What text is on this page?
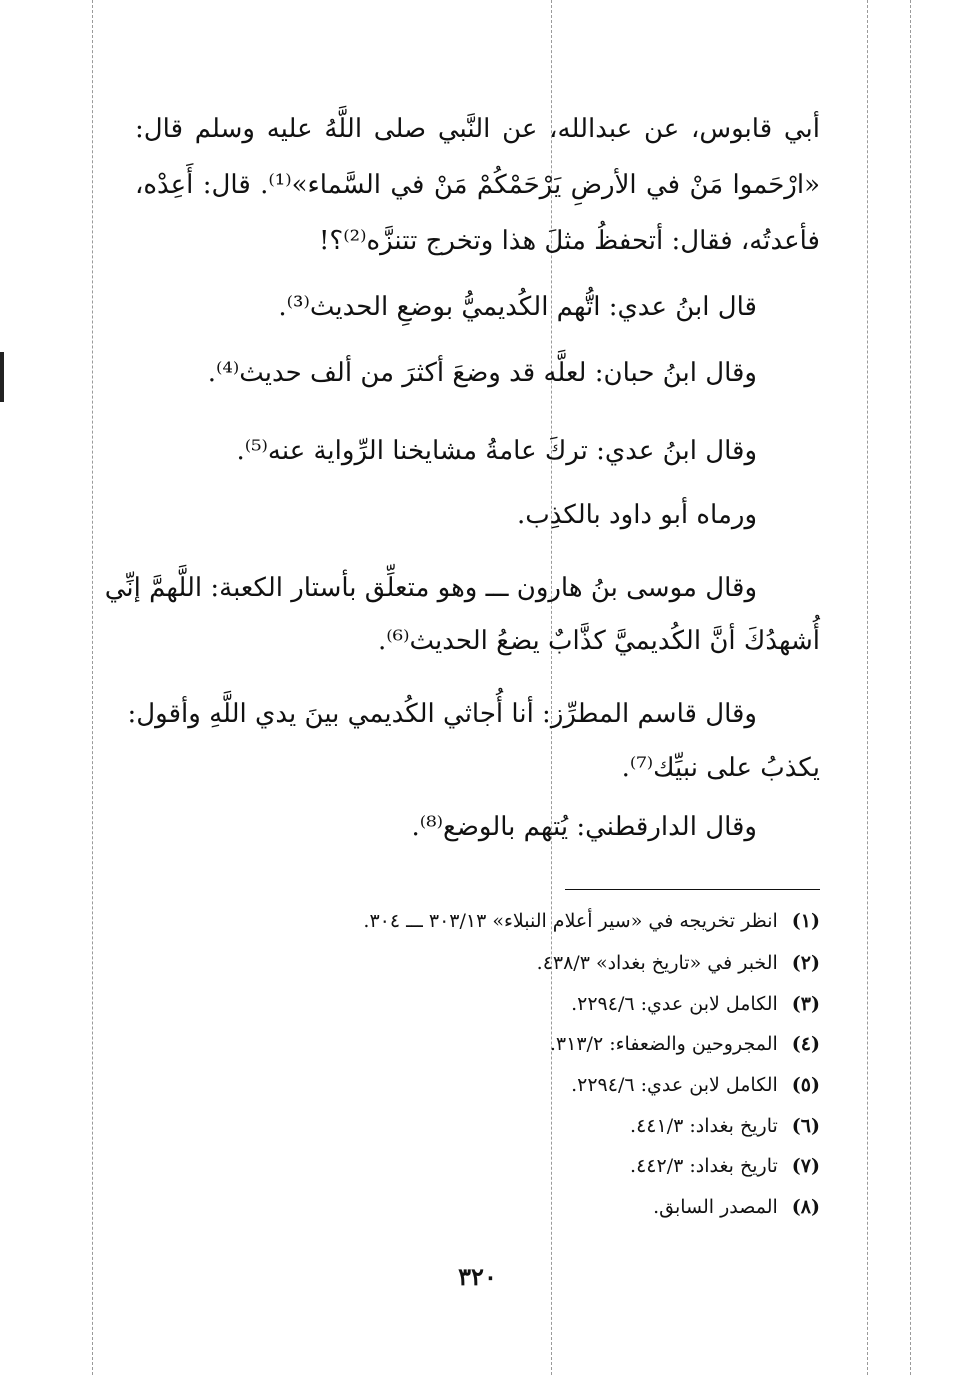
أبي قابوس، عن عبدالله، عن النَّبي صلى اللَّهُ عليه وسلم قال:
«ارْحَموا مَنْ في الأرضِ يَرْحَمْكُمْ مَنْ في السَّماء»⁽¹⁾. قال: أَعِدْه،
فأعدتُه، فقال: أتحفظُ مثلَ هذا وتخرج تتنزَّه⁽²⁾؟!
قال ابنُ عدي: اتُّهم الكُديميُّ بوضعِ الحديث⁽³⁾.
وقال ابنُ حبان: لعلَّه قد وضعَ أكثرَ من ألف حديث⁽⁴⁾.
وقال ابنُ عدي: تركَ عامةُ مشايخنا الرِّواية عنه⁽⁵⁾.
ورماه أبو داود بالكذِب.
وقال موسى بنُ هارون ـــ وهو متعلِّق بأستار الكعبة: اللَّهمَّ إنِّي
أُشهدُكَ أنَّ الكُديميَّ كذَّابٌ يضعُ الحديث⁽⁶⁾.
وقال قاسم المطرِّز: أنا أُجاثي الكُديمي بينَ يدي اللَّهِ وأقول:
يكذبُ على نبيِّك⁽⁷⁾.
وقال الدارقطني: يُتهم بالوضع⁽⁸⁾.
(١)
انظر تخريجه في «سير أعلام النبلاء» ٣٠٣/١٣ ـــ ٣٠٤.
(٢)
الخبر في «تاريخ بغداد» ٤٣٨/٣.
(٣)
الكامل لابن عدي: ٢٢٩٤/٦.
(٤)
المجروحين والضعفاء: ٣١٣/٢.
(٥)
الكامل لابن عدي: ٢٢٩٤/٦.
(٦)
تاريخ بغداد: ٤٤١/٣.
(٧)
تاريخ بغداد: ٤٤٢/٣.
(٨)
المصدر السابق.
٣٢٠
